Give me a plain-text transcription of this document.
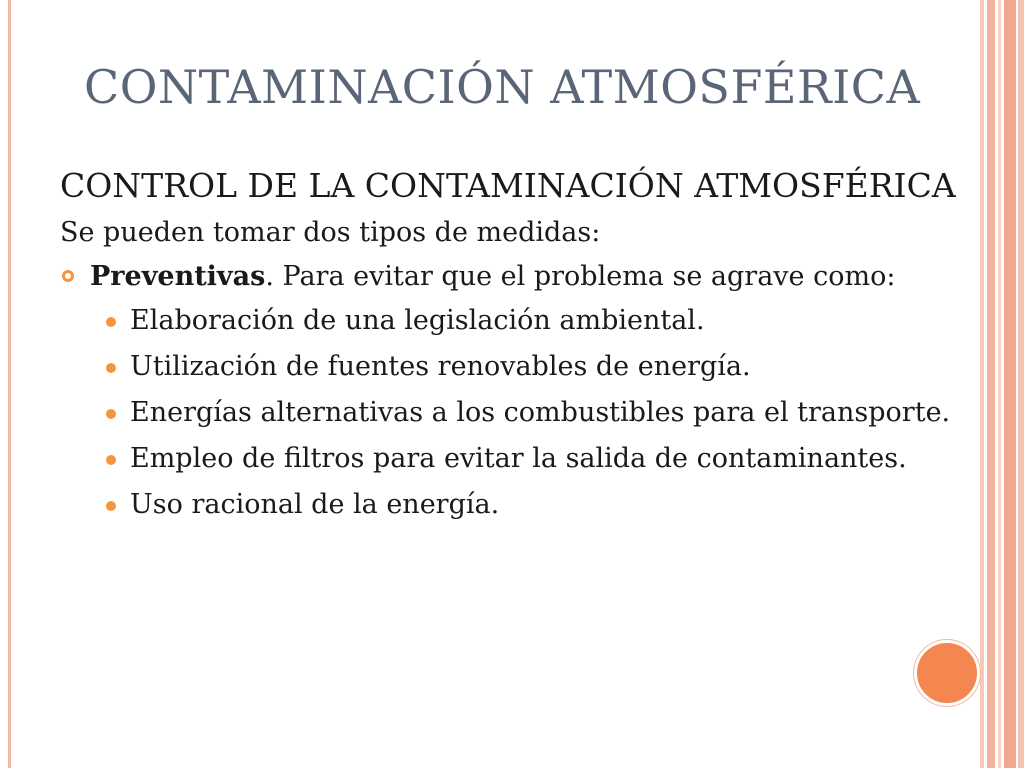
CONTAMINACIÓN ATMOSFÉRICA
CONTROL DE LA CONTAMINACIÓN ATMOSFÉRICA
Se pueden tomar dos tipos de medidas:
Preventivas. Para evitar que el problema se agrave como:
Elaboración de una legislación ambiental.
Utilización de fuentes renovables de energía.
Energías alternativas a los combustibles para el transporte.
Empleo de filtros para evitar la salida de contaminantes.
Uso racional de la energía.
